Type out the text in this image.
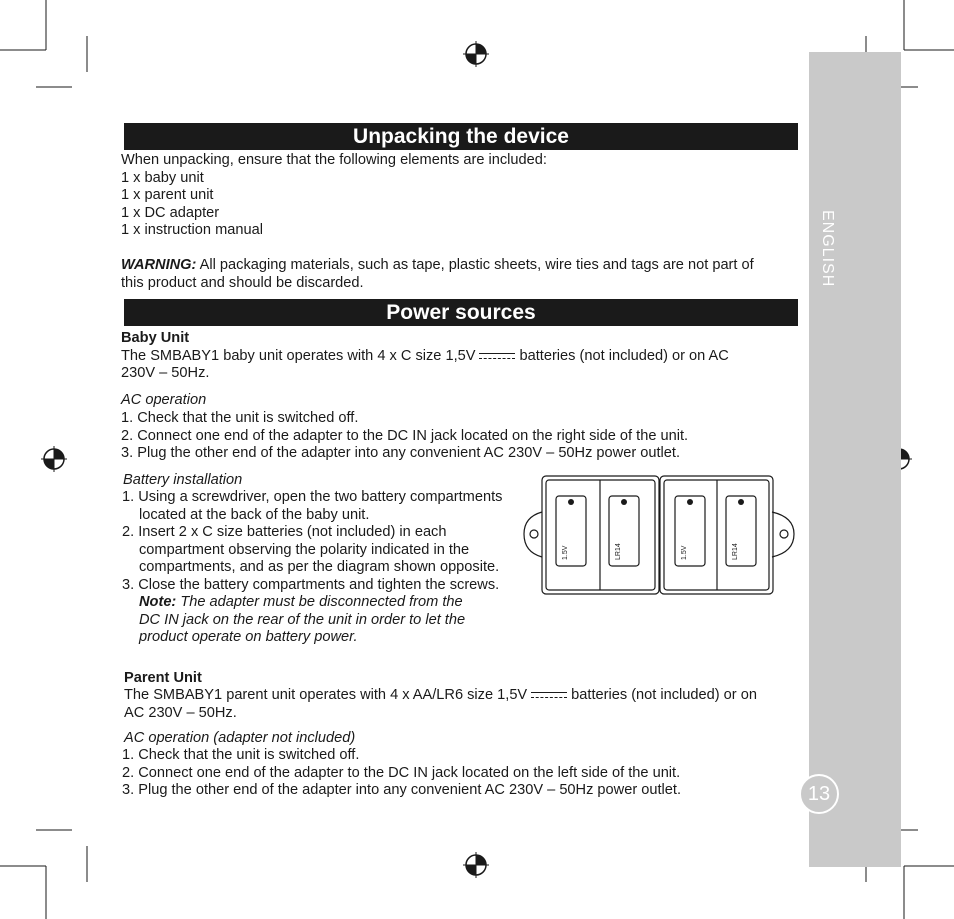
ENGLISH
13
Unpacking the device
When unpacking, ensure that the following elements are included:
1 x baby unit
1 x parent unit
1 x DC adapter
1 x instruction manual
WARNING: All packaging materials, such as tape, plastic sheets, wire ties and tags are not part of
this product and should be discarded.
Power sources
Baby Unit
The SMBABY1 baby unit operates with 4 x C size 1,5V	batteries (not included) or on AC
230V – 50Hz.
AC operation
1. Check that the unit is switched off.
2. Connect one end of the adapter to the DC IN jack located on the right side of the unit.
3. Plug the other end of the adapter into any convenient AC 230V – 50Hz power outlet.
Battery installation
1. Using a screwdriver, open the two battery compartments
located at the back of the baby unit.
2. Insert 2 x C size batteries (not included) in each
compartment observing the polarity indicated in the
compartments, and as per the diagram shown opposite.
3. Close the battery compartments and tighten the screws.
Note: The adapter must be disconnected from the
DC IN jack on the rear of the unit in order to let the
product operate on battery power.
1.5V	LR14	1.5V	LR14
Parent Unit
The SMBABY1 parent unit operates with 4 x AA/LR6 size 1,5V	batteries (not included) or on
AC 230V – 50Hz.
AC operation (adapter not included)
1. Check that the unit is switched off.
2. Connect one end of the adapter to the DC IN jack located on the left side of the unit.
3. Plug the other end of the adapter into any convenient AC 230V – 50Hz power outlet.
